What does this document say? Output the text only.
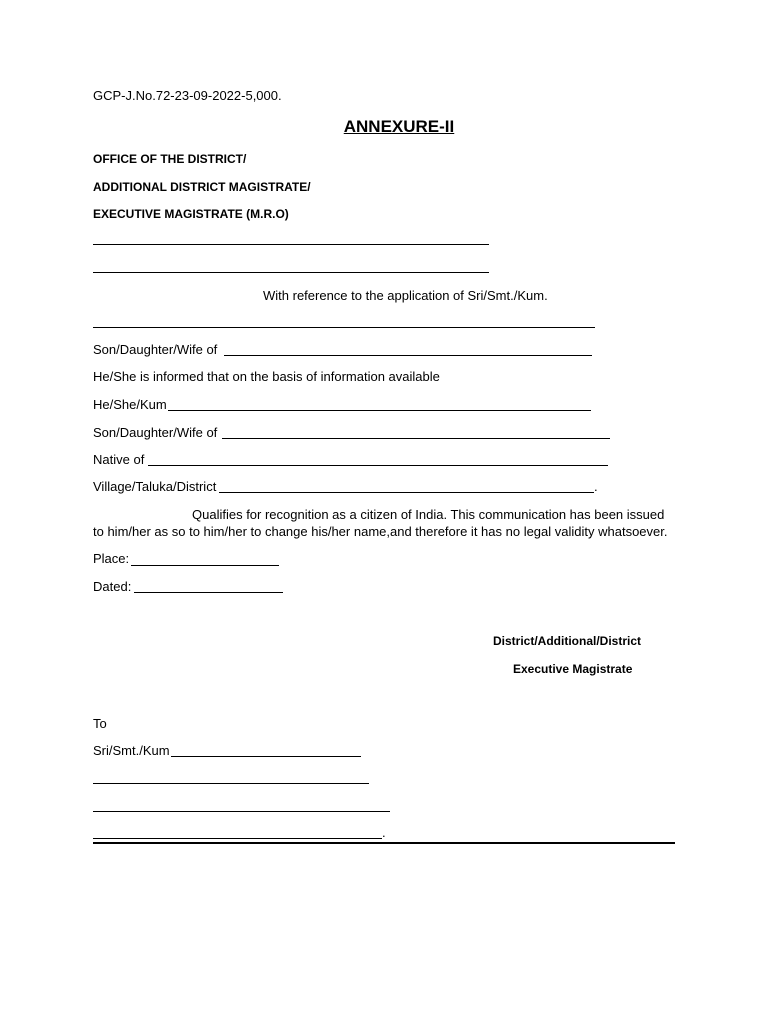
GCP-J.No.72-23-09-2022-5,000.
ANNEXURE-II
OFFICE OF THE DISTRICT/
ADDITIONAL DISTRICT MAGISTRATE/
EXECUTIVE MAGISTRATE (M.R.O)
With reference to the application of Sri/Smt./Kum.
Son/Daughter/Wife of
He/She is informed that on the basis of information available
He/She/Kum
Son/Daughter/Wife of
Native of
Village/Taluka/District	.
Qualifies for recognition as a citizen of India. This communication has been issued
to him/her as so to him/her to change his/her name,and therefore it has no legal validity whatsoever.
Place:
Dated:
District/Additional/District
Executive Magistrate
To
Sri/Smt./Kum
.
